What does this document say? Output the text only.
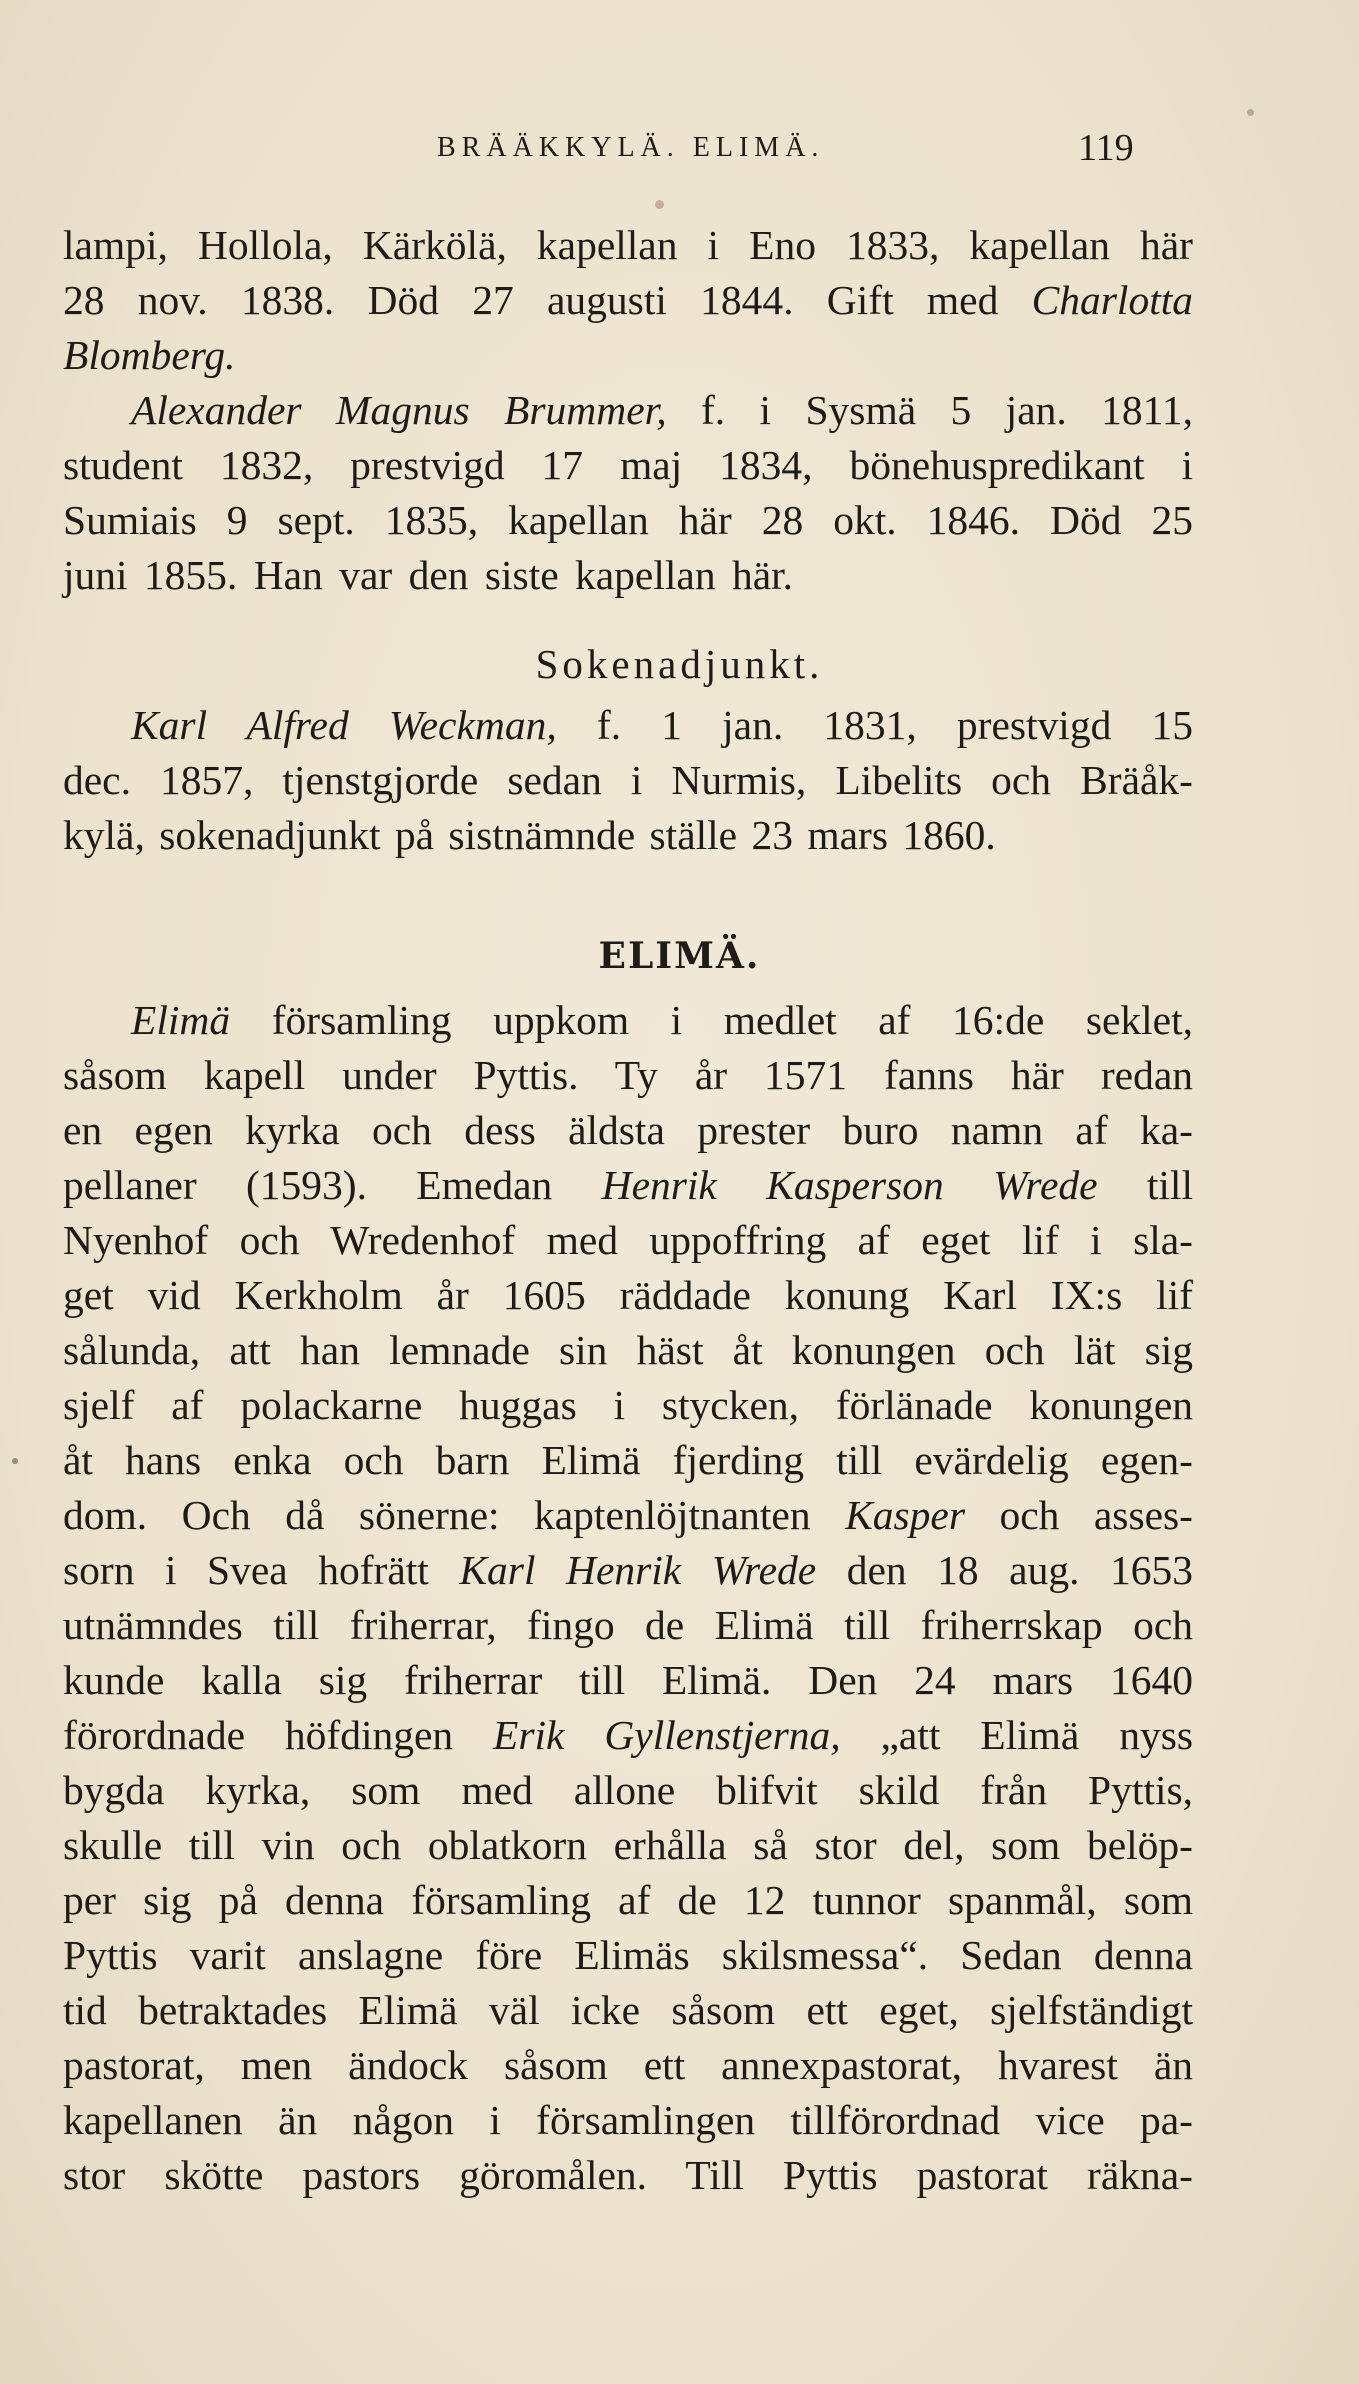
BRÄÄKKYLÄ. ELIMÄ.	119
lampi, Hollola, Kärkölä, kapellan i Eno 1833, kapellan här
28 nov. 1838. Död 27 augusti 1844. Gift med Charlotta
Blomberg.
Alexander Magnus Brummer, f. i Sysmä 5 jan. 1811,
student 1832, prestvigd 17 maj 1834, bönehuspredikant i
Sumiais 9 sept. 1835, kapellan här 28 okt. 1846. Död 25
juni 1855. Han var den siste kapellan här.
Sokenadjunkt.
Karl Alfred Weckman, f. 1 jan. 1831, prestvigd 15
dec. 1857, tjenstgjorde sedan i Nurmis, Libelits och Bräåk-
kylä, sokenadjunkt på sistnämnde ställe 23 mars 1860.
ELIMÄ.
Elimä församling uppkom i medlet af 16:de seklet,
såsom kapell under Pyttis. Ty år 1571 fanns här redan
en egen kyrka och dess äldsta prester buro namn af ka-
pellaner (1593). Emedan Henrik Kasperson Wrede till
Nyenhof och Wredenhof med uppoffring af eget lif i sla-
get vid Kerkholm år 1605 räddade konung Karl IX:s lif
sålunda, att han lemnade sin häst åt konungen och lät sig
sjelf af polackarne huggas i stycken, förlänade konungen
åt hans enka och barn Elimä fjerding till evärdelig egen-
dom. Och då sönerne: kaptenlöjtnanten Kasper och asses-
sorn i Svea hofrätt Karl Henrik Wrede den 18 aug. 1653
utnämndes till friherrar, fingo de Elimä till friherrskap och
kunde kalla sig friherrar till Elimä. Den 24 mars 1640
förordnade höfdingen Erik Gyllenstjerna, „att Elimä nyss
bygda kyrka, som med allone blifvit skild från Pyttis,
skulle till vin och oblatkorn erhålla så stor del, som belöp-
per sig på denna församling af de 12 tunnor spanmål, som
Pyttis varit anslagne före Elimäs skilsmessa“. Sedan denna
tid betraktades Elimä väl icke såsom ett eget, sjelfständigt
pastorat, men ändock såsom ett annexpastorat, hvarest än
kapellanen än någon i församlingen tillförordnad vice pa-
stor skötte pastors göromålen. Till Pyttis pastorat räkna-
